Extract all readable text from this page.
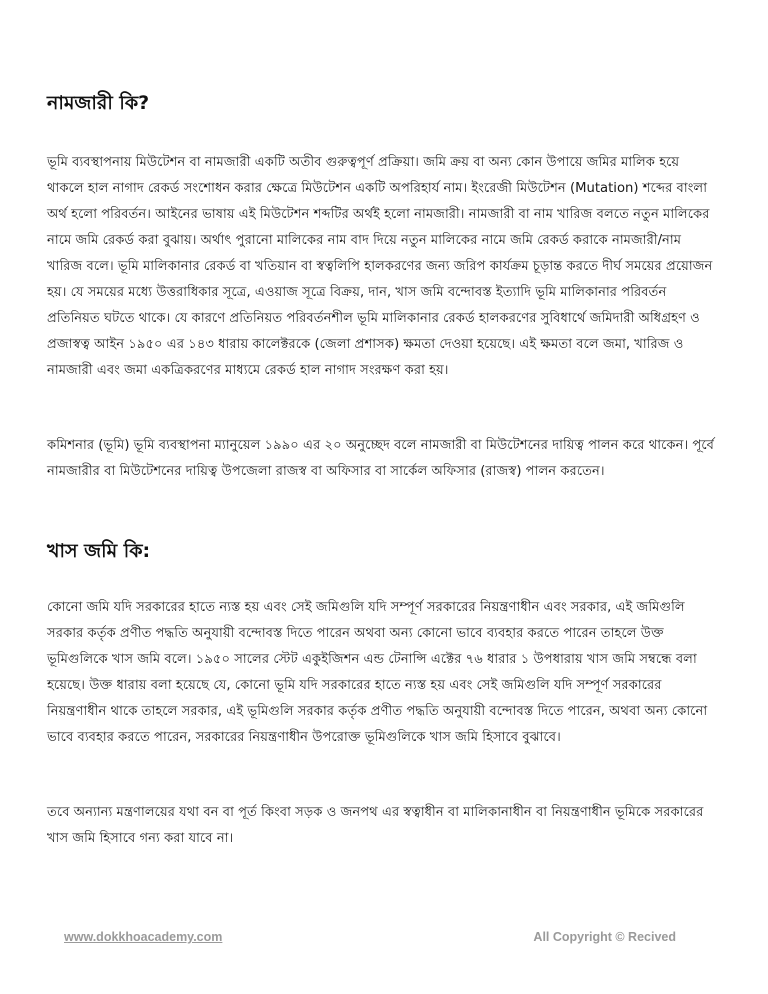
নামজারী কি?

ভূমি ব্যবস্থাপনায় মিউটেশন বা নামজারী একটি অতীব গুরুত্বপূর্ণ প্রক্রিয়া। জমি ক্রয় বা অন্য কোন উপায়ে জমির মালিক হয়ে থাকলে হাল নাগাদ রেকর্ড সংশোধন করার ক্ষেত্রে মিউটেশন একটি অপরিহার্য নাম। ইংরেজী মিউটেশন (Mutation) শব্দের বাংলা অর্থ হলো পরিবর্তন। আইনের ভাষায় এই মিউটেশন শব্দটির অর্থই হলো নামজারী। নামজারী বা নাম খারিজ বলতে নতুন মালিকের নামে জমি রেকর্ড করা বুঝায়। অর্থাৎ পুরানো মালিকের নাম বাদ দিয়ে নতুন মালিকের নামে জমি রেকর্ড করাকে নামজারী/নাম খারিজ বলে। ভূমি মালিকানার রেকর্ড বা খতিয়ান বা স্বত্বলিপি হালকরণের জন্য জরিপ কার্যক্রম চূড়ান্ত করতে দীর্ঘ সময়ের প্রয়োজন হয়। যে সময়ের মধ্যে উত্তরাধিকার সূত্রে, এওয়াজ সূত্রে বিক্রয়, দান, খাস জমি বন্দোবস্ত ইত্যাদি ভূমি মালিকানার পরিবর্তন প্রতিনিয়ত ঘটতে থাকে। যে কারণে প্রতিনিয়ত পরিবর্তনশীল ভূমি মালিকানার রেকর্ড হালকরণের সুবিধার্থে জমিদারী অধিগ্রহণ ও প্রজাস্বত্ব আইন ১৯৫০ এর ১৪৩ ধারায় কালেক্টরকে (জেলা প্রশাসক) ক্ষমতা দেওয়া হয়েছে। এই ক্ষমতা বলে জমা, খারিজ ও নামজারী এবং জমা একত্রিকরণের মাধ্যমে রেকর্ড হাল নাগাদ সংরক্ষণ করা হয়।

কমিশনার (ভূমি) ভূমি ব্যবস্থাপনা ম্যানুয়েল ১৯৯০ এর ২০ অনুচ্ছেদ বলে নামজারী বা মিউটেশনের দায়িত্ব পালন করে থাকেন। পূর্বে নামজারীর বা মিউটেশনের দায়িত্ব উপজেলা রাজস্ব বা অফিসার বা সার্কেল অফিসার (রাজস্ব) পালন করতেন।

খাস জমি কি:

কোনো জমি যদি সরকারের হাতে ন্যস্ত হয় এবং সেই জমিগুলি যদি সম্পূর্ণ সরকারের নিয়ন্ত্রণাধীন এবং সরকার, এই জমিগুলি সরকার কর্তৃক প্রণীত পদ্ধতি অনুযায়ী বন্দোবস্ত দিতে পারেন অথবা অন্য কোনো ভাবে ব্যবহার করতে পারেন তাহলে উক্ত ভূমিগুলিকে খাস জমি বলে। ১৯৫০ সালের স্টেট একুইজিশন এন্ড টেনান্সি এক্টের ৭৬ ধারার ১ উপধারায় খাস জমি সম্বন্ধে বলা হয়েছে। উক্ত ধারায় বলা হয়েছে যে, কোনো ভূমি যদি সরকারের হাতে ন্যস্ত হয় এবং সেই জমিগুলি যদি সম্পূর্ণ সরকারের নিয়ন্ত্রণাধীন থাকে তাহলে সরকার, এই ভূমিগুলি সরকার কর্তৃক প্রণীত পদ্ধতি অনুযায়ী বন্দোবস্ত দিতে পারেন, অথবা অন্য কোনো ভাবে ব্যবহার করতে পারেন, সরকারের নিয়ন্ত্রণাধীন উপরোক্ত ভূমিগুলিকে খাস জমি হিসাবে বুঝাবে।

তবে অন্যান্য মন্ত্রণালয়ের যথা বন বা পূর্ত কিংবা সড়ক ও জনপথ এর স্বত্বাধীন বা মালিকানাধীন বা নিয়ন্ত্রণাধীন ভূমিকে সরকারের খাস জমি হিসাবে গন্য করা যাবে না।

www.dokkhoacademy.com	All Copyright © Recived
